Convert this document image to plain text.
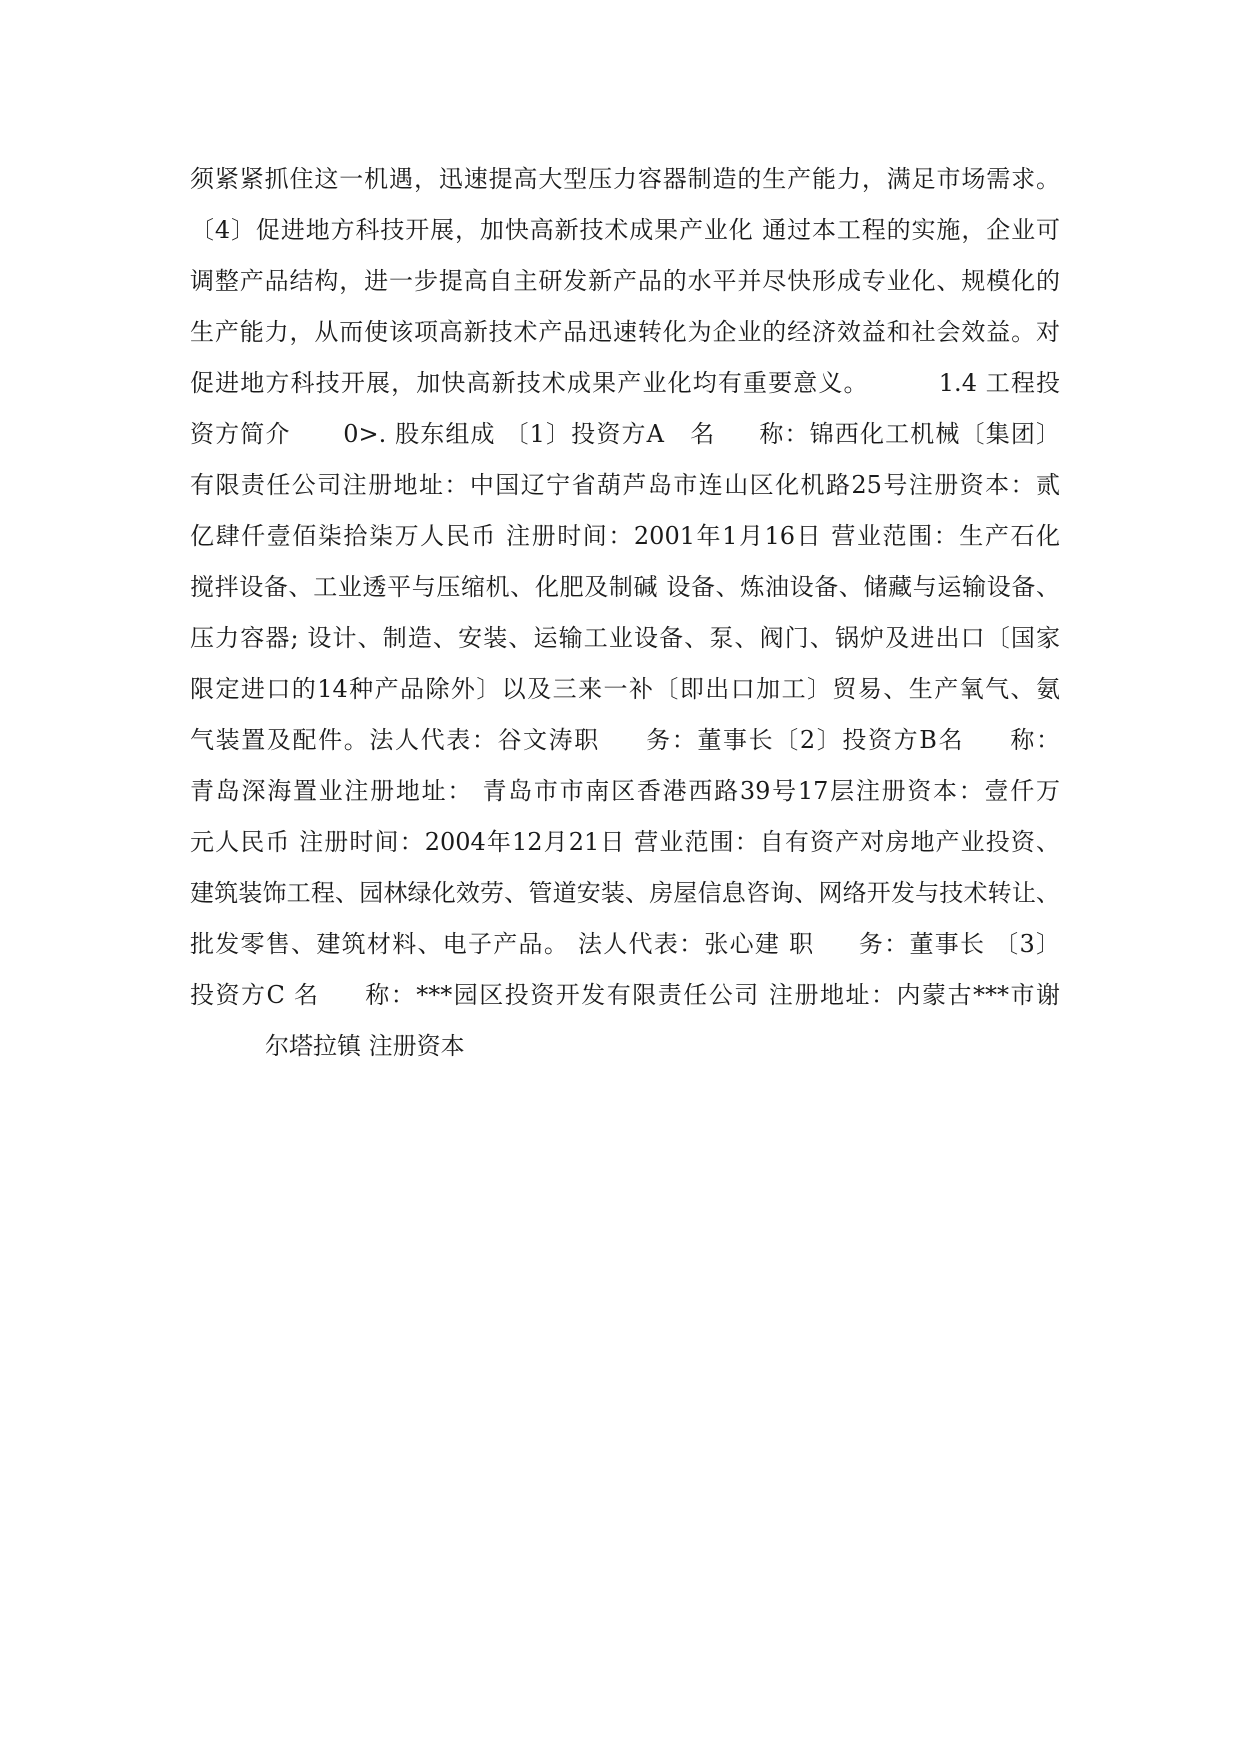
须紧紧抓住这一机遇，迅速提高大型压力容器制造的生产能力，满足市场需求。
〔4〕促进地方科技开展，加快高新技术成果产业化 通过本工程的实施，企业可
调整产品结构，进一步提高自主研发新产品的水平并尽快形成专业化、规模化的
生产能力，从而使该项高新技术产品迅速转化为企业的经济效益和社会效益。对
促进地方科技开展，加快高新技术成果产业化均有重要意义。        1.4 工程投
资方简介      0>. 股东组成 〔1〕投资方A   名     称：锦西化工机械〔集团〕
有限责任公司注册地址：中国辽宁省葫芦岛市连山区化机路25号注册资本：贰
亿肆仟壹佰柒拾柒万人民币 注册时间：2001年1月16日 营业范围：生产石化
搅拌设备、工业透平与压缩机、化肥及制碱 设备、炼油设备、储藏与运输设备、
压力容器; 设计、制造、安装、运输工业设备、泵、阀门、锅炉及进出口〔国家
限定进口的14种产品除外〕以及三来一补〔即出口加工〕贸易、生产氧气、氨
气装置及配件。法人代表：谷文涛职     务：董事长〔2〕投资方B名     称：
青岛深海置业注册地址： 青岛市市南区香港西路39号17层注册资本：壹仟万
元人民币 注册时间：2004年12月21日 营业范围：自有资产对房地产业投资、
建筑装饰工程、园林绿化效劳、管道安装、房屋信息咨询、网络开发与技术转让、
批发零售、建筑材料、电子产品。 法人代表：张心建 职     务：董事长 〔3〕
投资方C 名     称：***园区投资开发有限责任公司 注册地址：内蒙古***市谢
尔塔拉镇 注册资本
